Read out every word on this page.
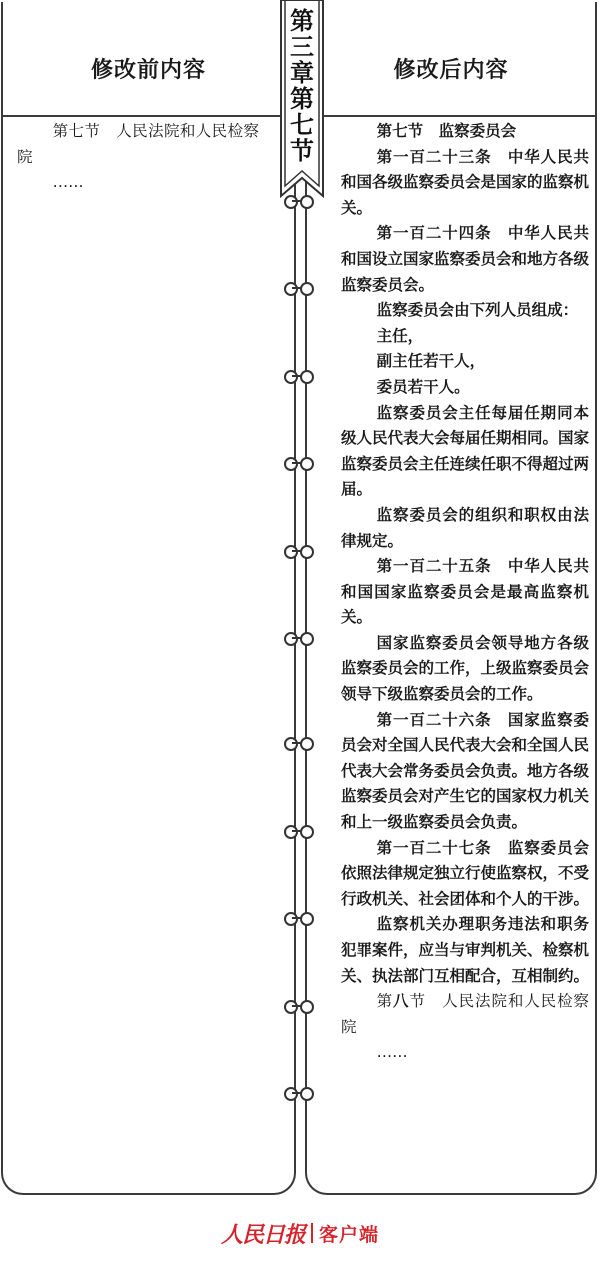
修改前内容

第七节　人民法院和人民检察院

……

修改后内容

第七节　监察委员会

第一百二十三条　中华人民共和国各级监察委员会是国家的监察机关。

第一百二十四条　中华人民共和国设立国家监察委员会和地方各级监察委员会。

监察委员会由下列人员组成：

主任，

副主任若干人，

委员若干人。

监察委员会主任每届任期同本级人民代表大会每届任期相同。国家监察委员会主任连续任职不得超过两届。

监察委员会的组织和职权由法律规定。

第一百二十五条　中华人民共和国国家监察委员会是最高监察机关。

国家监察委员会领导地方各级监察委员会的工作，上级监察委员会领导下级监察委员会的工作。

第一百二十六条　国家监察委员会对全国人民代表大会和全国人民代表大会常务委员会负责。地方各级监察委员会对产生它的国家权力机关和上一级监察委员会负责。

第一百二十七条　监察委员会依照法律规定独立行使监察权，不受行政机关、社会团体和个人的干涉。

监察机关办理职务违法和职务犯罪案件，应当与审判机关、检察机关、执法部门互相配合，互相制约。

第八节　人民法院和人民检察院

……

第三章第七节
人民日报 客户端
